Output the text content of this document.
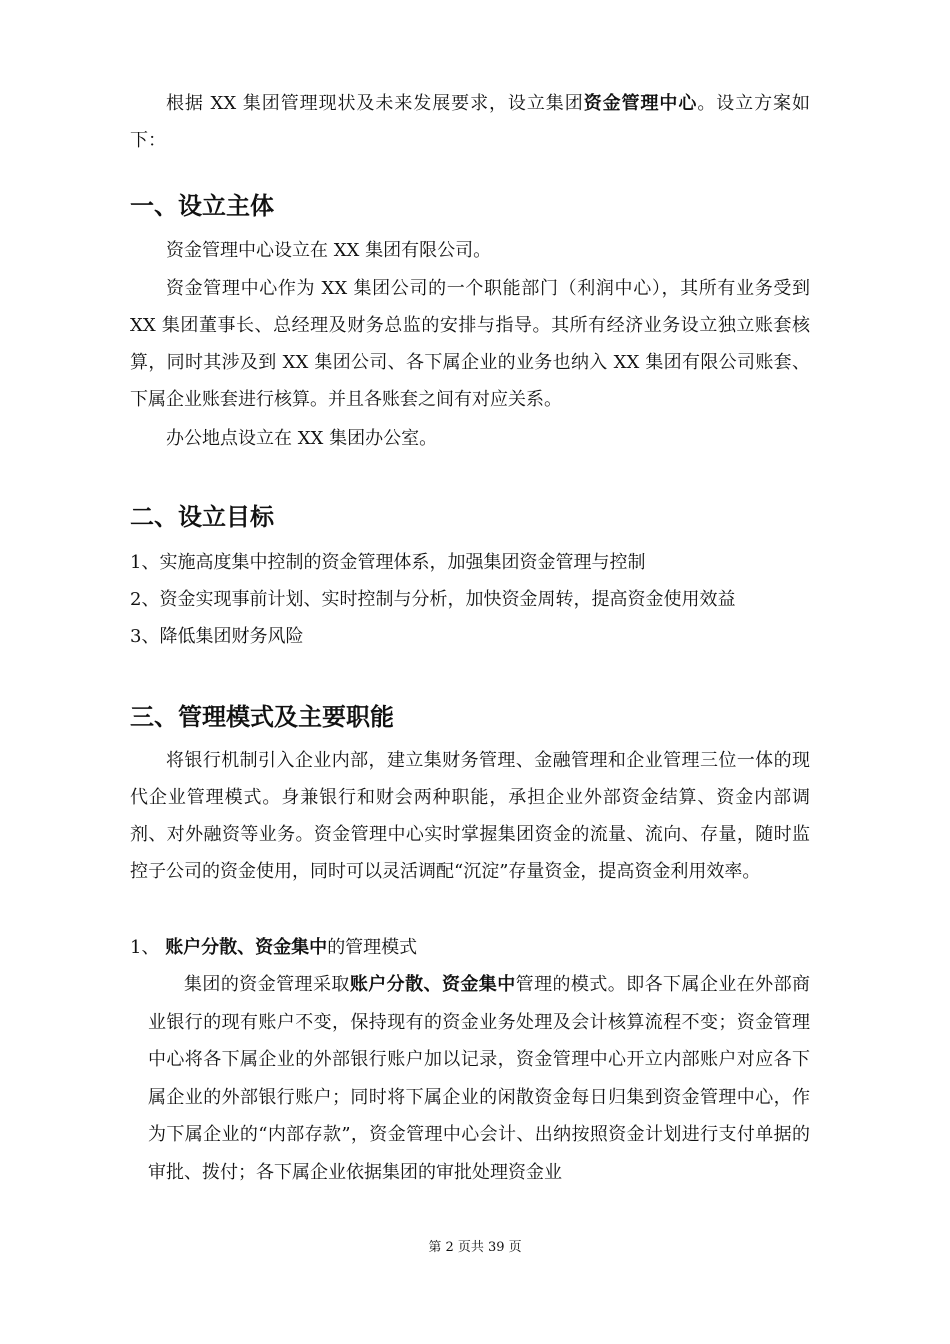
根据 XX 集团管理现状及未来发展要求，设立集团资金管理中心。设立方案如下：

一、设立主体

资金管理中心设立在 XX 集团有限公司。

资金管理中心作为 XX 集团公司的一个职能部门（利润中心），其所有业务受到 XX 集团董事长、总经理及财务总监的安排与指导。其所有经济业务设立独立账套核算，同时其涉及到 XX 集团公司、各下属企业的业务也纳入 XX 集团有限公司账套、下属企业账套进行核算。并且各账套之间有对应关系。

办公地点设立在 XX 集团办公室。

二、设立目标

1、实施高度集中控制的资金管理体系，加强集团资金管理与控制

2、资金实现事前计划、实时控制与分析，加快资金周转，提高资金使用效益

3、降低集团财务风险

三、管理模式及主要职能

将银行机制引入企业内部，建立集财务管理、金融管理和企业管理三位一体的现代企业管理模式。身兼银行和财会两种职能，承担企业外部资金结算、资金内部调剂、对外融资等业务。资金管理中心实时掌握集团资金的流量、流向、存量，随时监控子公司的资金使用，同时可以灵活调配“沉淀”存量资金，提高资金利用效率。

1、 账户分散、资金集中的管理模式

集团的资金管理采取账户分散、资金集中管理的模式。即各下属企业在外部商业银行的现有账户不变，保持现有的资金业务处理及会计核算流程不变；资金管理中心将各下属企业的外部银行账户加以记录，资金管理中心开立内部账户对应各下属企业的外部银行账户；同时将下属企业的闲散资金每日归集到资金管理中心，作为下属企业的“内部存款”，资金管理中心会计、出纳按照资金计划进行支付单据的审批、拨付；各下属企业依据集团的审批处理资金业

第 2 页共 39 页
